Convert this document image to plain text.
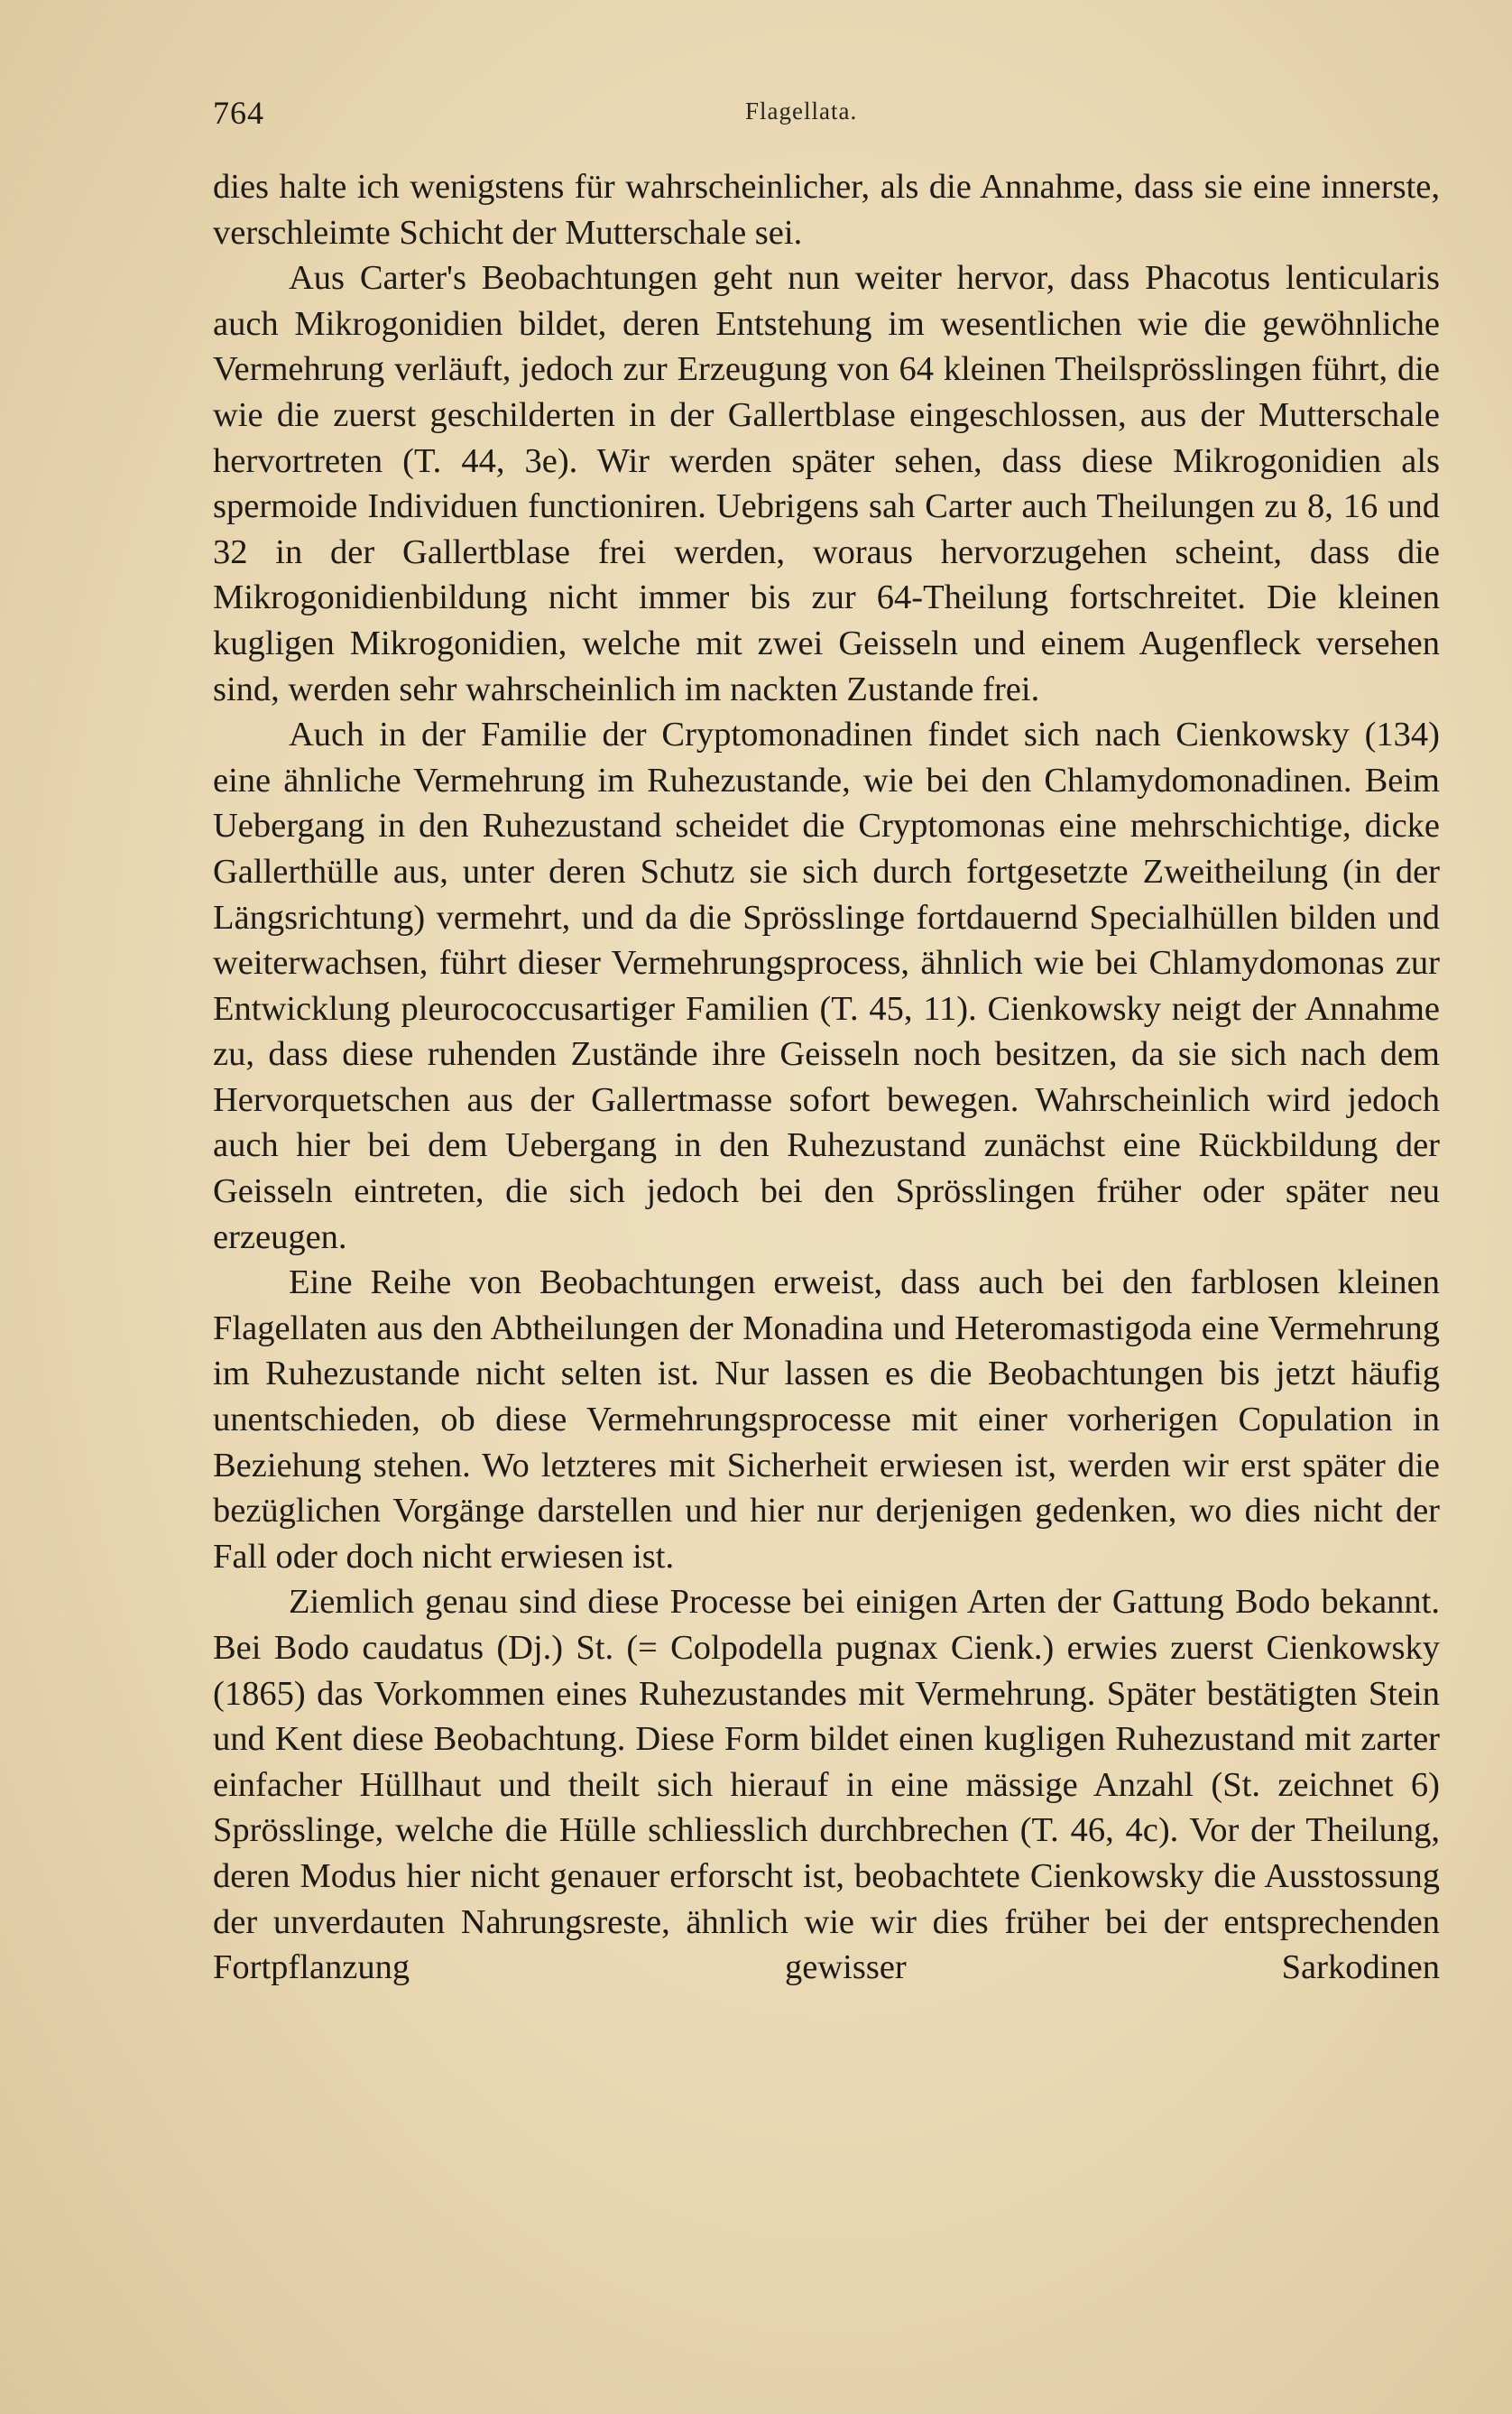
764	Flagellata.

dies halte ich wenigstens für wahrscheinlicher, als die Annahme, dass sie eine innerste, verschleimte Schicht der Mutterschale sei.

Aus Carter's Beobachtungen geht nun weiter hervor, dass Phacotus lenticularis auch Mikrogonidien bildet, deren Entstehung im wesentlichen wie die gewöhnliche Vermehrung verläuft, jedoch zur Erzeugung von 64 kleinen Theilsprösslingen führt, die wie die zuerst geschilderten in der Gallertblase eingeschlossen, aus der Mutterschale hervortreten (T. 44, 3e). Wir werden später sehen, dass diese Mikrogonidien als spermoide Individuen functioniren. Uebrigens sah Carter auch Theilungen zu 8, 16 und 32 in der Gallertblase frei werden, woraus hervorzugehen scheint, dass die Mikrogonidienbildung nicht immer bis zur 64-Theilung fortschreitet. Die kleinen kugligen Mikrogonidien, welche mit zwei Geisseln und einem Augenfleck versehen sind, werden sehr wahrscheinlich im nackten Zustande frei.

Auch in der Familie der Cryptomonadinen findet sich nach Cienkowsky (134) eine ähnliche Vermehrung im Ruhezustande, wie bei den Chlamydomonadinen. Beim Uebergang in den Ruhezustand scheidet die Cryptomonas eine mehrschichtige, dicke Gallerthülle aus, unter deren Schutz sie sich durch fortgesetzte Zweitheilung (in der Längsrichtung) vermehrt, und da die Sprösslinge fortdauernd Specialhüllen bilden und weiterwachsen, führt dieser Vermehrungsprocess, ähnlich wie bei Chlamydomonas zur Entwicklung pleurococcusartiger Familien (T. 45, 11). Cienkowsky neigt der Annahme zu, dass diese ruhenden Zustände ihre Geisseln noch besitzen, da sie sich nach dem Hervorquetschen aus der Gallertmasse sofort bewegen. Wahrscheinlich wird jedoch auch hier bei dem Uebergang in den Ruhezustand zunächst eine Rückbildung der Geisseln eintreten, die sich jedoch bei den Sprösslingen früher oder später neu erzeugen.

Eine Reihe von Beobachtungen erweist, dass auch bei den farblosen kleinen Flagellaten aus den Abtheilungen der Monadina und Heteromastigoda eine Vermehrung im Ruhezustande nicht selten ist. Nur lassen es die Beobachtungen bis jetzt häufig unentschieden, ob diese Vermehrungsprocesse mit einer vorherigen Copulation in Beziehung stehen. Wo letzteres mit Sicherheit erwiesen ist, werden wir erst später die bezüglichen Vorgänge darstellen und hier nur derjenigen gedenken, wo dies nicht der Fall oder doch nicht erwiesen ist.

Ziemlich genau sind diese Processe bei einigen Arten der Gattung Bodo bekannt. Bei Bodo caudatus (Dj.) St. (= Colpodella pugnax Cienk.) erwies zuerst Cienkowsky (1865) das Vorkommen eines Ruhezustandes mit Vermehrung. Später bestätigten Stein und Kent diese Beobachtung. Diese Form bildet einen kugligen Ruhezustand mit zarter einfacher Hüllhaut und theilt sich hierauf in eine mässige Anzahl (St. zeichnet 6) Sprösslinge, welche die Hülle schliesslich durchbrechen (T. 46, 4c). Vor der Theilung, deren Modus hier nicht genauer erforscht ist, beobachtete Cienkowsky die Ausstossung der unverdauten Nahrungsreste, ähnlich wie wir dies früher bei der entsprechenden Fortpflanzung gewisser Sarkodinen
